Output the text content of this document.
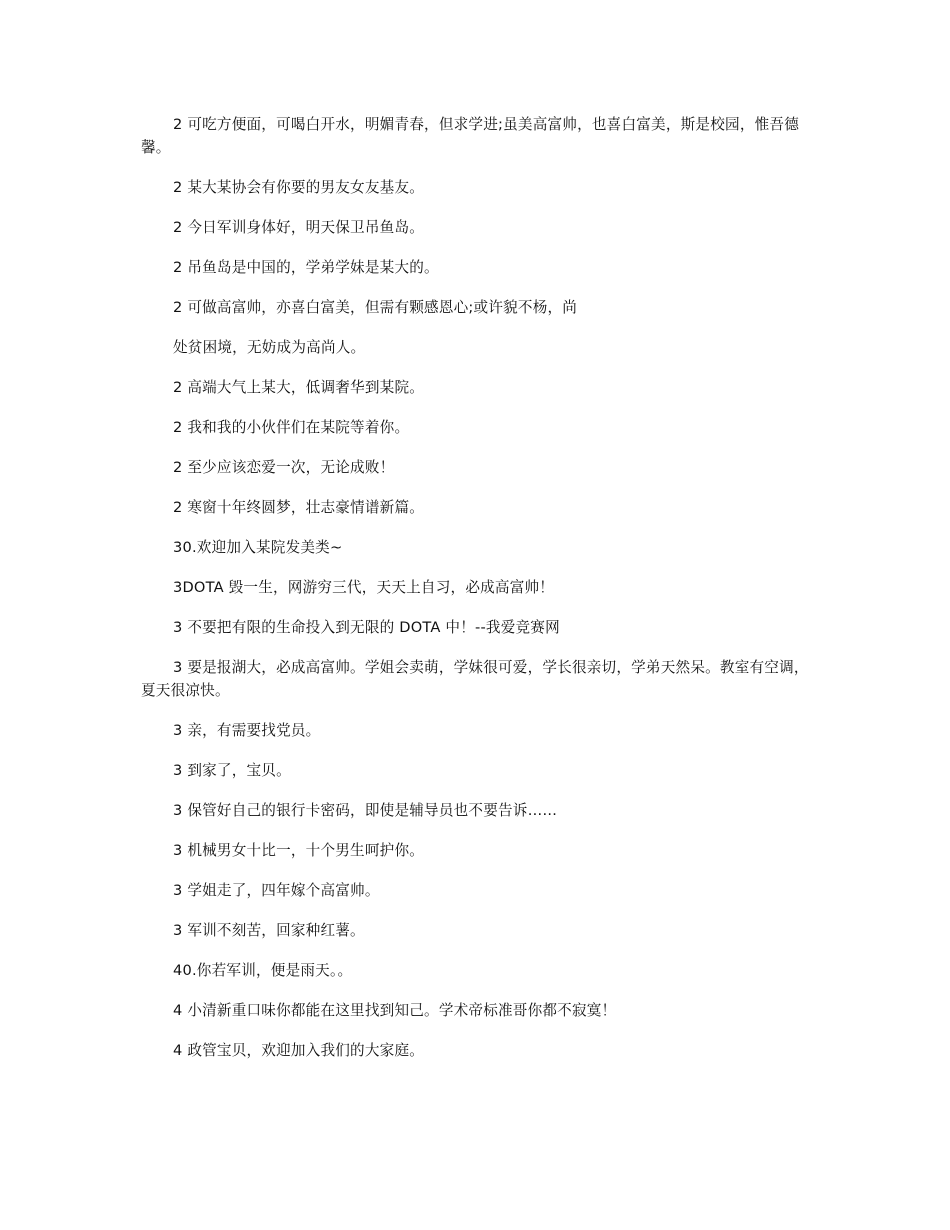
2 可吃方便面，可喝白开水，明媚青春，但求学进;虽美高富帅，也喜白富美，斯是校园，惟吾德馨。

2 某大某协会有你要的男友女友基友。

2 今日军训身体好，明天保卫吊鱼岛。

2 吊鱼岛是中国的，学弟学妹是某大的。

2 可做高富帅，亦喜白富美，但需有颗感恩心;或许貌不杨，尚

处贫困境，无妨成为高尚人。

2 高端大气上某大，低调奢华到某院。

2 我和我的小伙伴们在某院等着你。

2 至少应该恋爱一次，无论成败！

2 寒窗十年终圆梦，壮志豪情谱新篇。

30.欢迎加入某院发美类~

3DOTA 毁一生，网游穷三代，天天上自习，必成高富帅！

3 不要把有限的生命投入到无限的 DOTA 中！--我爱竞赛网

3 要是报湖大，必成高富帅。学姐会卖萌，学妹很可爱，学长很亲切，学弟天然呆。教室有空调，夏天很凉快。

3 亲，有需要找党员。

3 到家了，宝贝。

3 保管好自己的银行卡密码，即使是辅导员也不要告诉……

3 机械男女十比一，十个男生呵护你。

3 学姐走了，四年嫁个高富帅。

3 军训不刻苦，回家种红薯。

40.你若军训，便是雨天。。

4 小清新重口味你都能在这里找到知己。学术帝标准哥你都不寂寞！

4 政管宝贝，欢迎加入我们的大家庭。
